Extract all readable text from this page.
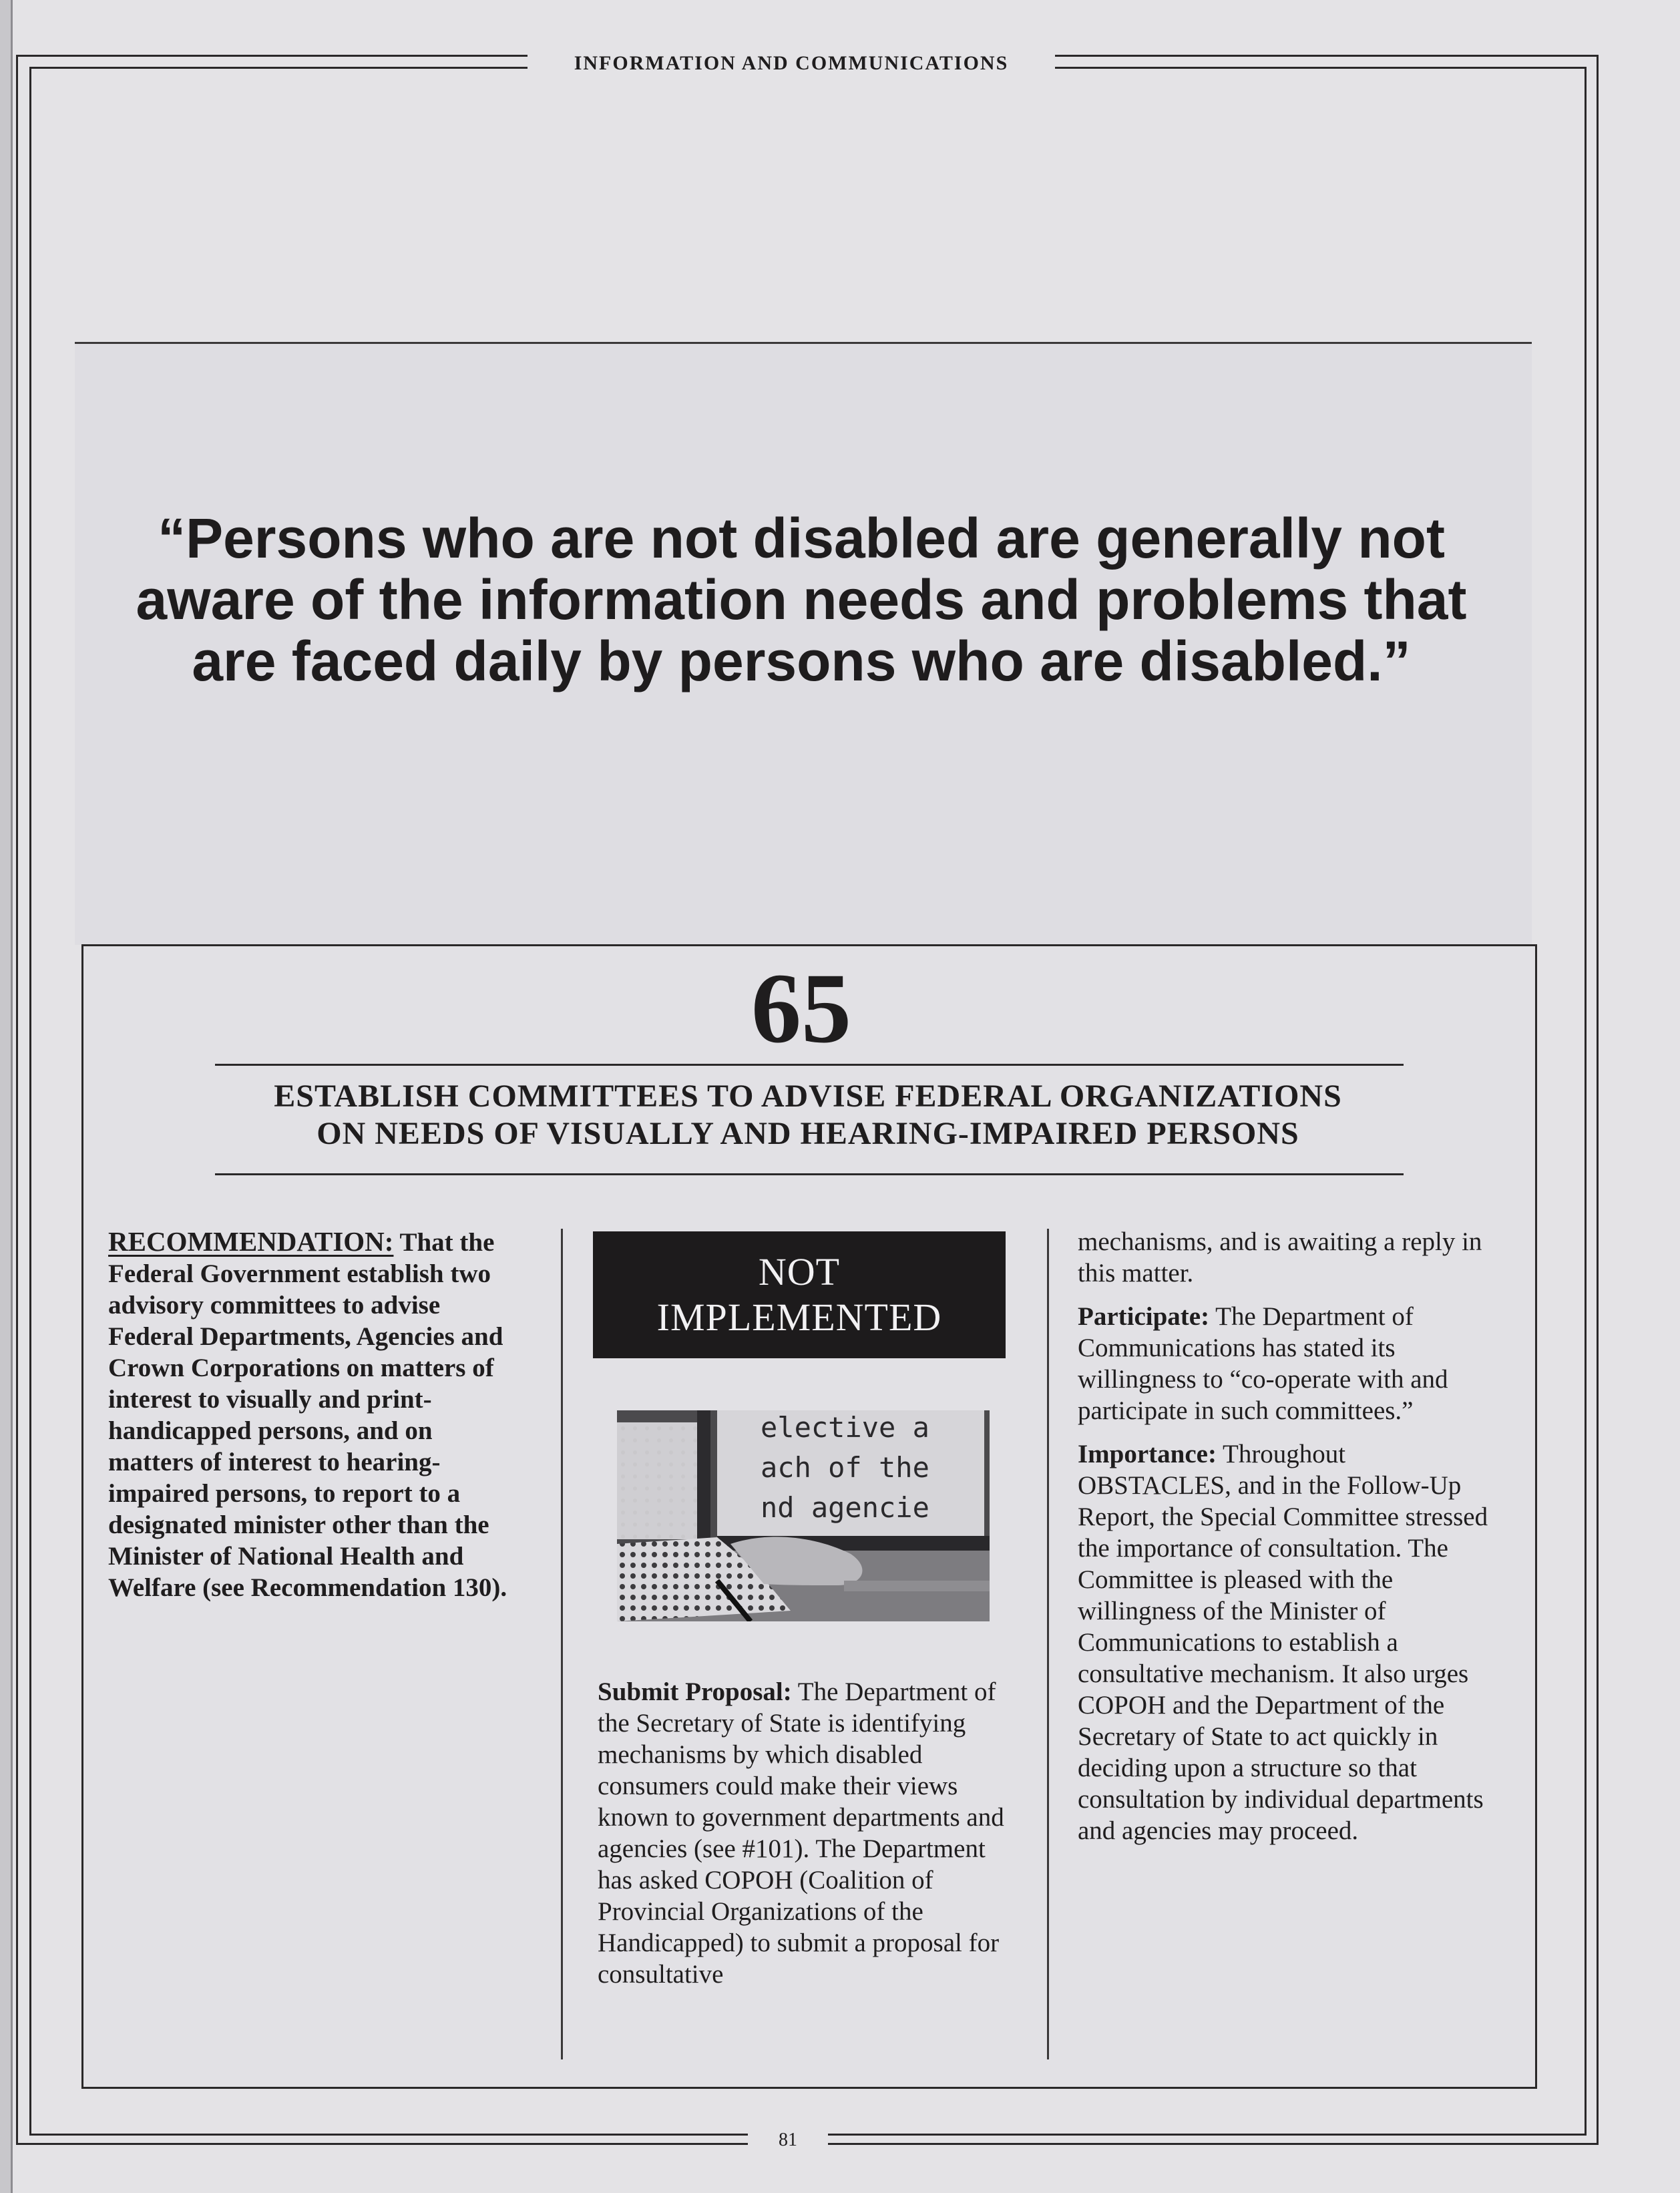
INFORMATION AND COMMUNICATIONS

“Persons who are not disabled are generally not aware of the information needs and problems that are faced daily by persons who are disabled.”

65
ESTABLISH COMMITTEES TO ADVISE FEDERAL ORGANIZATIONS
ON NEEDS OF VISUALLY AND HEARING-IMPAIRED PERSONS
RECOMMENDATION: That the Federal Government establish two advisory committees to advise Federal Departments, Agencies and Crown Corporations on matters of interest to visually and print-handicapped persons, and on matters of interest to hearing-impaired persons, to report to a designated minister other than the Minister of National Health and Welfare (see Recommendation 130).
NOT
IMPLEMENTED
elective a
ach of the
nd agencie

Submit Proposal: The Department of the Secretary of State is identifying mechanisms by which disabled consumers could make their views known to government departments and agencies (see #101). The Department has asked COPOH (Coalition of Provincial Organizations of the Handicapped) to submit a proposal for consultative

mechanisms, and is awaiting a reply in this matter.

Participate: The Department of Communications has stated its willingness to “co-operate with and participate in such committees.”

Importance: Throughout OBSTACLES, and in the Follow-Up Report, the Special Committee stressed the importance of consultation. The Committee is pleased with the willingness of the Minister of Communications to establish a consultative mechanism. It also urges COPOH and the Department of the Secretary of State to act quickly in deciding upon a structure so that consultation by individual departments and agencies may proceed.

81
